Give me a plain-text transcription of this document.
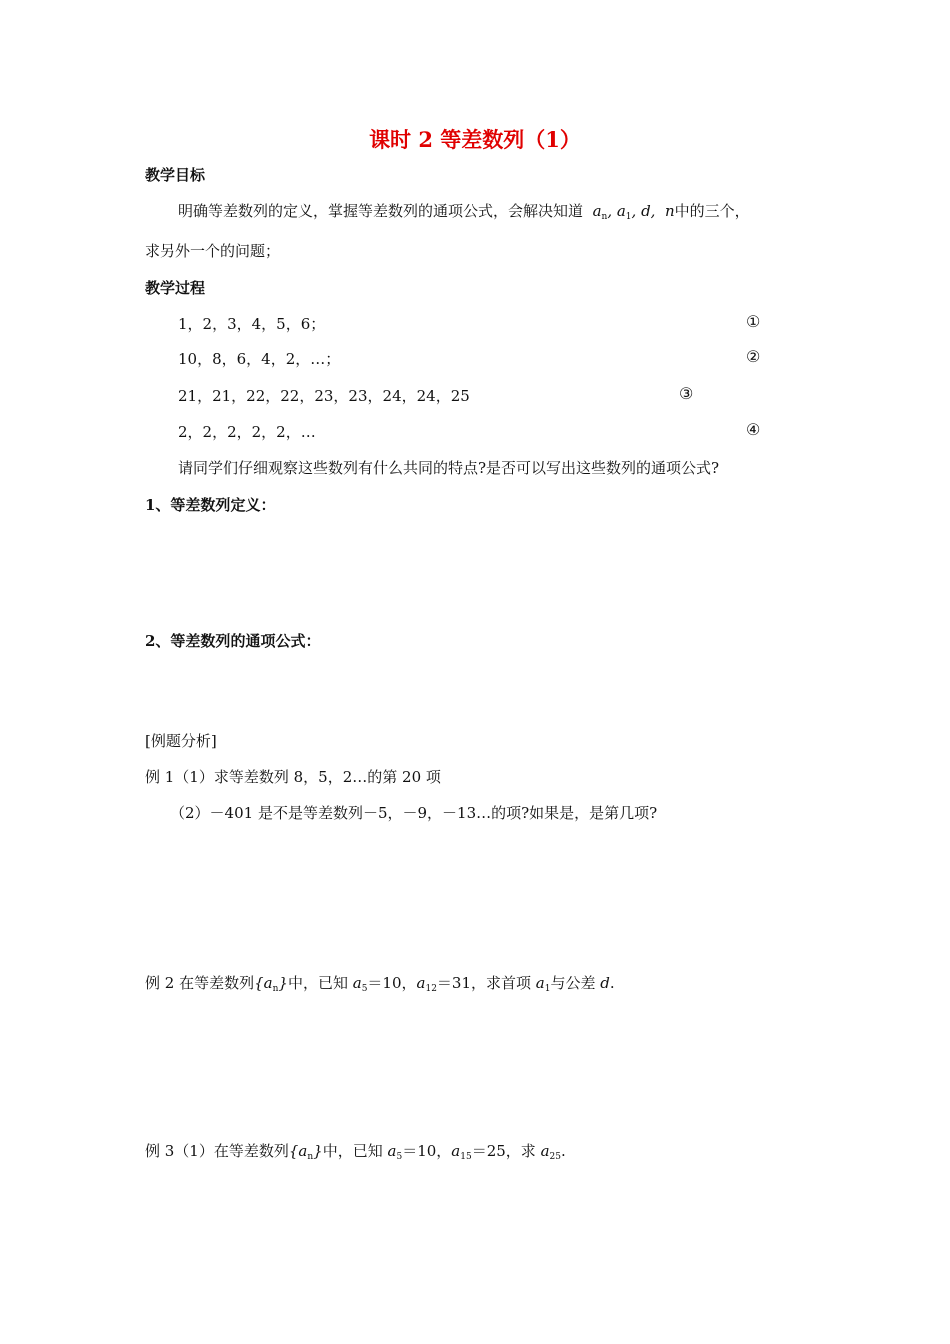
课时 2 等差数列（1）
教学目标
明确等差数列的定义，掌握等差数列的通项公式，会解决知道  $a_n$, $a_1$, d,  n中的三个，
求另外一个的问题；
教学过程
1，2，3，4，5，6；	①
10，8，6，4，2，…；	②
21，21，22，22，23，23，24，24，25	③
2，2，2，2，2，…	④
请同学们仔细观察这些数列有什么共同的特点?是否可以写出这些数列的通项公式?
1、等差数列定义：
2、等差数列的通项公式：
[例题分析]
例 1（1）求等差数列 8，5，2…的第 20 项
（2）－401 是不是等差数列－5，－9，－13…的项?如果是，是第几项?
例 2 在等差数列$\{a_n\}$中，已知 $a_5=10$，$a_{12}=31$，求首项 $a_1$与公差 d.
例 3（1）在等差数列$\{a_n\}$中，已知 $a_5=10$，$a_{15}=25$，求 $a_{25}$.
